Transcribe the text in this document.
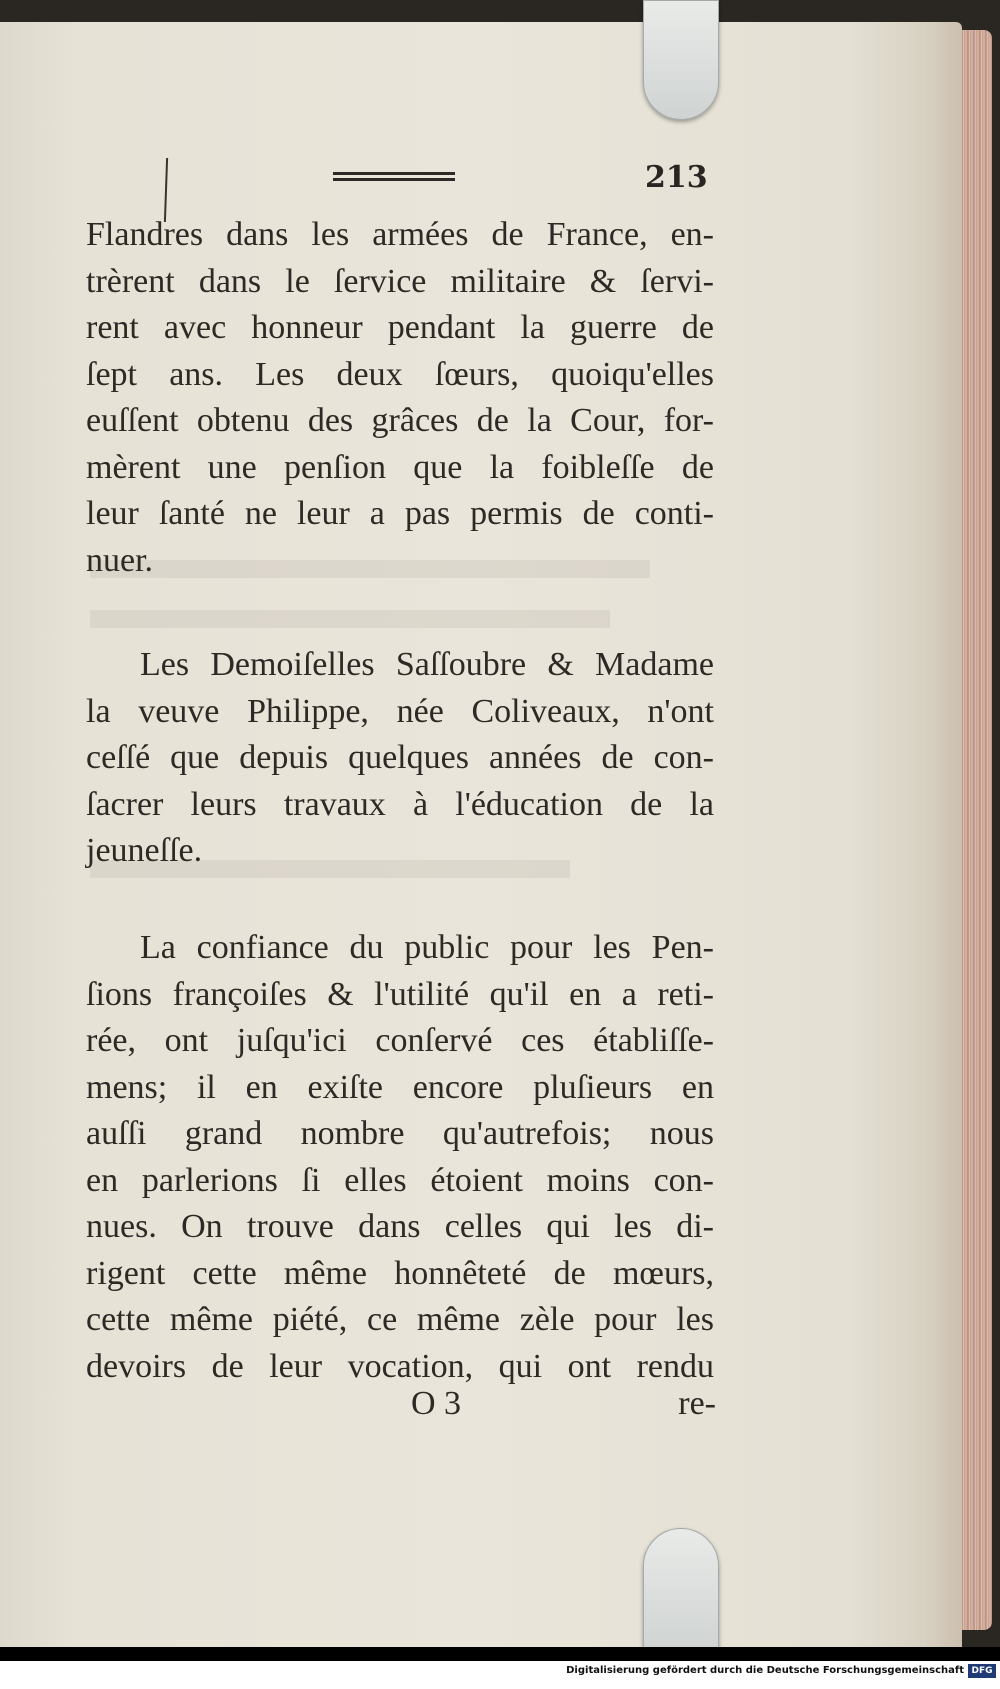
213
Flandres dans les armées de France, en-
trèrent dans le ſervice militaire & ſervi-
rent avec honneur pendant la guerre de
ſept ans. Les deux ſœurs, quoiqu'elles
euſſent obtenu des grâces de la Cour, for-
mèrent une penſion que la foibleſſe de
leur ſanté ne leur a pas permis de conti-
nuer.
Les Demoiſelles Saſſoubre & Madame
la veuve Philippe, née Coliveaux, n'ont
ceſſé que depuis quelques années de con-
ſacrer leurs travaux à l'éducation de la
jeuneſſe.
La confiance du public pour les Pen-
ſions françoiſes & l'utilité qu'il en a reti-
rée, ont juſqu'ici conſervé ces établiſſe-
mens; il en exiſte encore pluſieurs en
auſſi grand nombre qu'autrefois; nous
en parlerions ſi elles étoient moins con-
nues. On trouve dans celles qui les di-
rigent cette même honnêteté de mœurs,
cette même piété, ce même zèle pour les
devoirs de leur vocation, qui ont rendu
O 3	re-
Digitalisierung gefördert durch die Deutsche Forschungsgemeinschaft DFG
